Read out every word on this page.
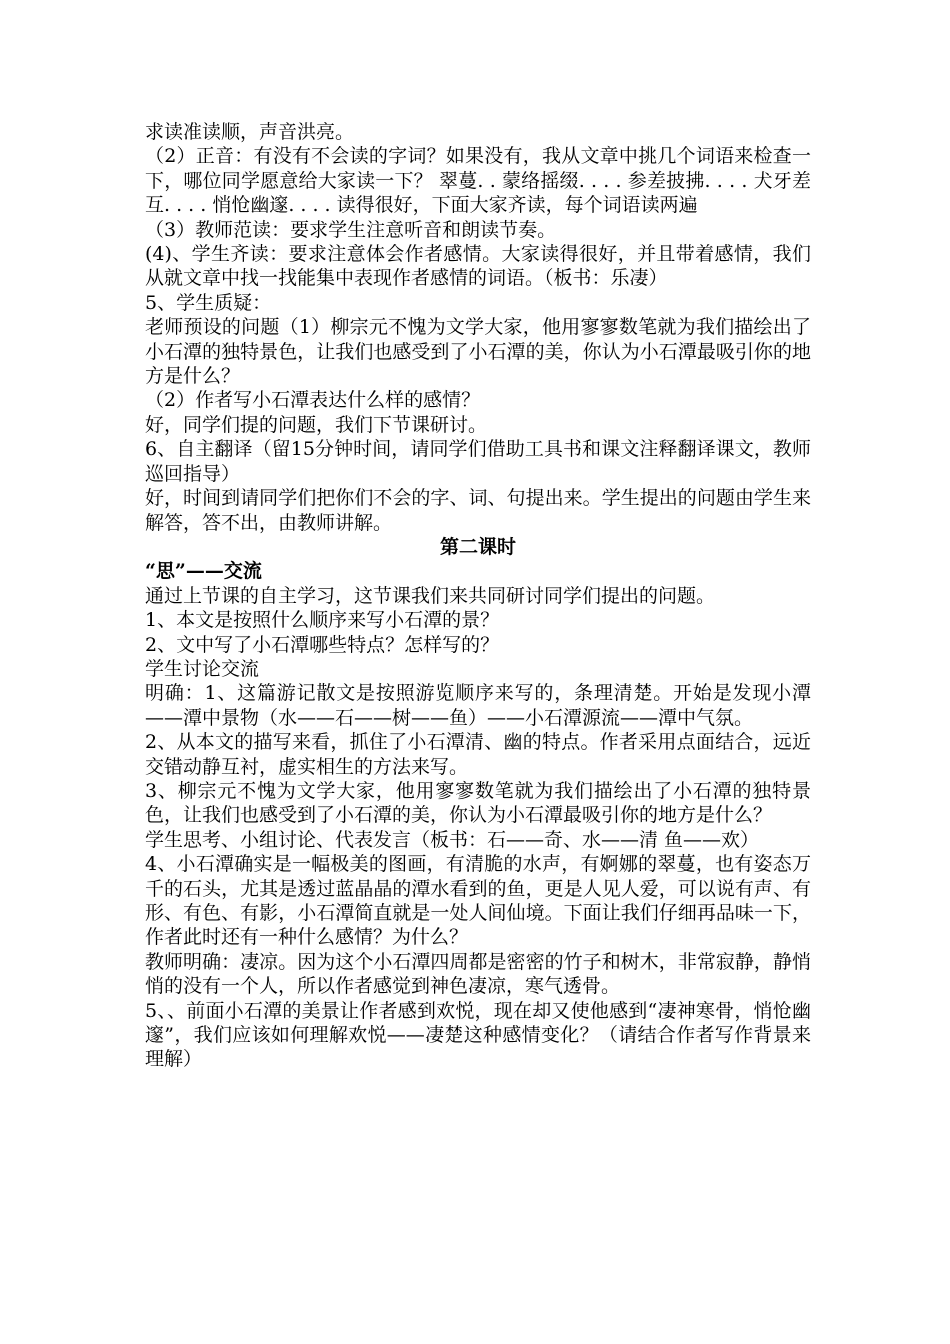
求读准读顺，声音洪亮。

（2）正音：有没有不会读的字词？如果没有，我从文章中挑几个词语来检查一下，哪位同学愿意给大家读一下？ 翠蔓. . 蒙络摇缀. . . . 参差披拂. . . . 犬牙差互. . . . 悄怆幽邃. . . . 读得很好，下面大家齐读，每个词语读两遍

（3）教师范读：要求学生注意听音和朗读节奏。

(4)、学生齐读：要求注意体会作者感情。大家读得很好，并且带着感情，我们从就文章中找一找能集中表现作者感情的词语。（板书：乐凄）

5、学生质疑：

老师预设的问题（1）柳宗元不愧为文学大家，他用寥寥数笔就为我们描绘出了小石潭的独特景色，让我们也感受到了小石潭的美，你认为小石潭最吸引你的地方是什么？

（2）作者写小石潭表达什么样的感情？

好，同学们提的问题，我们下节课研讨。

6、自主翻译（留15分钟时间，请同学们借助工具书和课文注释翻译课文，教师巡回指导）

好，时间到请同学们把你们不会的字、词、句提出来。学生提出的问题由学生来解答，答不出，由教师讲解。

第二课时

“思”——交流

通过上节课的自主学习，这节课我们来共同研讨同学们提出的问题。

1、本文是按照什么顺序来写小石潭的景？

2、文中写了小石潭哪些特点？怎样写的？

学生讨论交流

明确：1、这篇游记散文是按照游览顺序来写的，条理清楚。开始是发现小潭——潭中景物（水——石——树——鱼）——小石潭源流——潭中气氛。

2、从本文的描写来看，抓住了小石潭清、幽的特点。作者采用点面结合，远近交错动静互衬，虚实相生的方法来写。

3、柳宗元不愧为文学大家，他用寥寥数笔就为我们描绘出了小石潭的独特景色，让我们也感受到了小石潭的美，你认为小石潭最吸引你的地方是什么？

学生思考、小组讨论、代表发言（板书：石——奇、水——清 鱼——欢）

4、小石潭确实是一幅极美的图画，有清脆的水声，有婀娜的翠蔓，也有姿态万千的石头，尤其是透过蓝晶晶的潭水看到的鱼，更是人见人爱，可以说有声、有形、有色、有影，小石潭简直就是一处人间仙境。下面让我们仔细再品味一下，作者此时还有一种什么感情？为什么？

教师明确：凄凉。因为这个小石潭四周都是密密的竹子和树木，非常寂静，静悄悄的没有一个人，所以作者感觉到神色凄凉，寒气透骨。

5、、前面小石潭的美景让作者感到欢悦，现在却又使他感到“凄神寒骨，悄怆幽邃”，我们应该如何理解欢悦——凄楚这种感情变化？（请结合作者写作背景来理解）
